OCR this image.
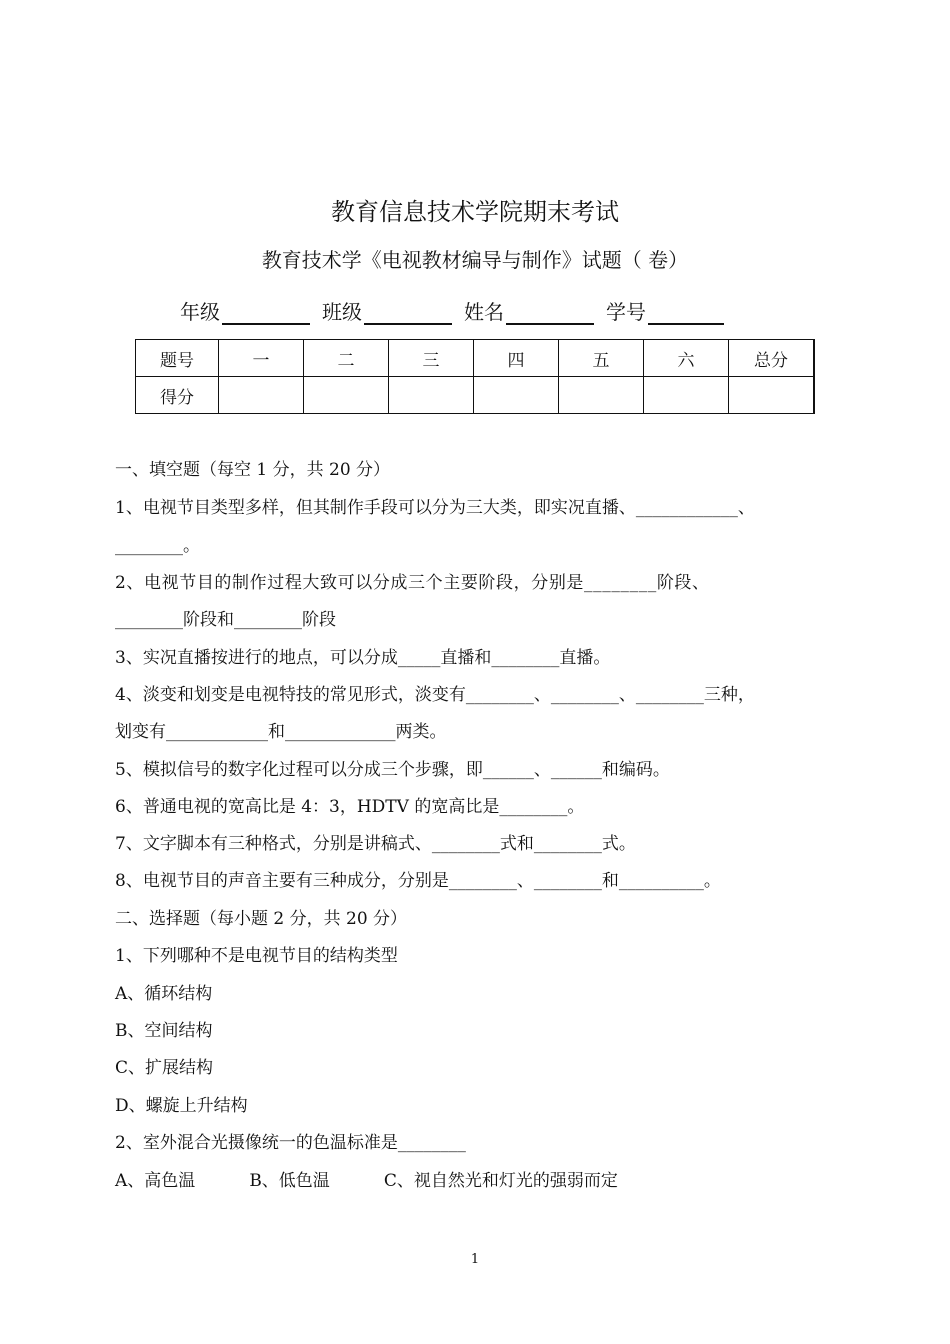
教育信息技术学院期末考试
教育技术学《电视教材编导与制作》试题（ 卷）
年级	班级	姓名	学号
题号	一	二	三	四	五	六	总分
得分							
一、填空题（每空 1 分，共 20 分）
1、电视节目类型多样，但其制作手段可以分为三大类，即实况直播、____________、
________。
2、电视节目的制作过程大致可以分成三个主要阶段，分别是________阶段、
________阶段和________阶段
3、实况直播按进行的地点，可以分成_____直播和________直播。
4、淡变和划变是电视特技的常见形式，淡变有________、________、________三种，
划变有____________和_____________两类。
5、模拟信号的数字化过程可以分成三个步骤，即______、______和编码。
6、普通电视的宽高比是 4：3，HDTV 的宽高比是________。
7、文字脚本有三种格式，分别是讲稿式、________式和________式。
8、电视节目的声音主要有三种成分，分别是________、________和__________。
二、选择题（每小题 2 分，共 20 分）
1、下列哪种不是电视节目的结构类型
A、循环结构
B、空间结构
C、扩展结构
D、螺旋上升结构
2、室外混合光摄像统一的色温标准是________
A、高色温          B、低色温          C、视自然光和灯光的强弱而定
1
